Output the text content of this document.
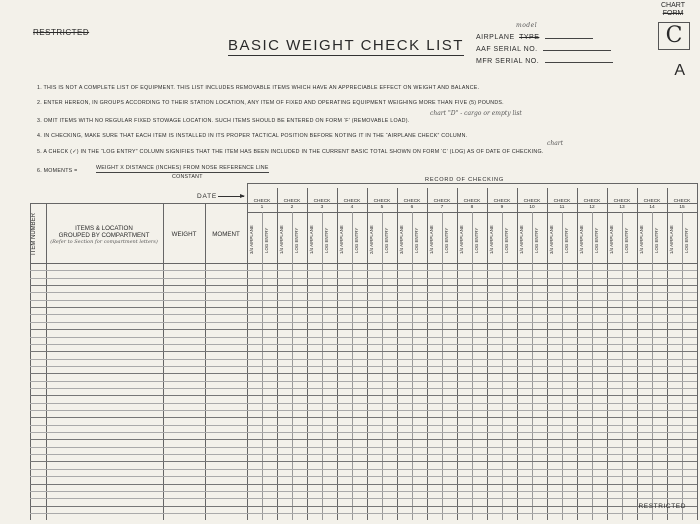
RESTRICTED
BASIC WEIGHT CHECK LIST AIRPLANE TYPE
model
AAF SERIAL NO.
MFR SERIAL NO.
CHART
FORM
C
A
1. THIS IS NOT A COMPLETE LIST OF EQUIPMENT. THIS LIST INCLUDES REMOVABLE ITEMS WHICH HAVE AN APPRECIABLE EFFECT ON WEIGHT AND BALANCE.
2. ENTER HEREON, IN GROUPS ACCORDING TO THEIR STATION LOCATION, ANY ITEM OF FIXED AND OPERATING EQUIPMENT WEIGHING MORE THAN FIVE (5) POUNDS.
3. OMIT ITEMS WITH NO REGULAR FIXED STOWAGE LOCATION. SUCH ITEMS SHOULD BE ENTERED ON FORM ‘F’ (REMOVABLE LOAD).
4. IN CHECKING, MAKE SURE THAT EACH ITEM IS INSTALLED IN ITS PROPER TACTICAL POSITION BEFORE NOTING IT IN THE “AIRPLANE CHECK” COLUMN.
5. A CHECK (✓) IN THE “LOG ENTRY” COLUMN SIGNIFIES THAT THE ITEM HAS BEEN INCLUDED IN THE CURRENT BASIC TOTAL SHOWN ON FORM ‘C’ (LOG) AS OF DATE OF CHECKING.
6. MOMENTS =	WEIGHT X DISTANCE (INCHES) FROM NOSE REFERENCE LINE
CONSTANT
chart "D" - cargo or empty list
chart
RECORD OF CHECKING
DATE
ITEM NUMBER	ITEMS & LOCATION
GROUPED BY COMPARTMENT
(Refer to Section for compartment letters)
WEIGHT	MOMENT
CHECK
1
3/4 AIRPLANE	LOG ENTRY
CHECK
2
1/4 AIRPLANE	LOG ENTRY
CHECK
3
1/4 AIRPLANE	LOG ENTRY
CHECK
4
1/4 AIRPLANE	LOG ENTRY
CHECK
5
2/4 AIRPLANE	LOG ENTRY
CHECK
6
3/4 AIRPLANE	LOG ENTRY
CHECK
7
1/4 AIRPLANE	LOG ENTRY
CHECK
8
1/4 AIRPLANE	LOG ENTRY
CHECK
9
1/4 AIRPLANE	LOG ENTRY
CHECK
10
1/4 AIRPLANE	LOG ENTRY
CHECK
11
3/4 AIRPLANE	LOG ENTRY
CHECK
12
1/4 AIRPLANE	LOG ENTRY
CHECK
13
1/4 AIRPLANE	LOG ENTRY
CHECK
14
1/4 AIRPLANE	LOG ENTRY
CHECK
15
1/4 AIRPLANE	LOG ENTRY
RESTRICTED
